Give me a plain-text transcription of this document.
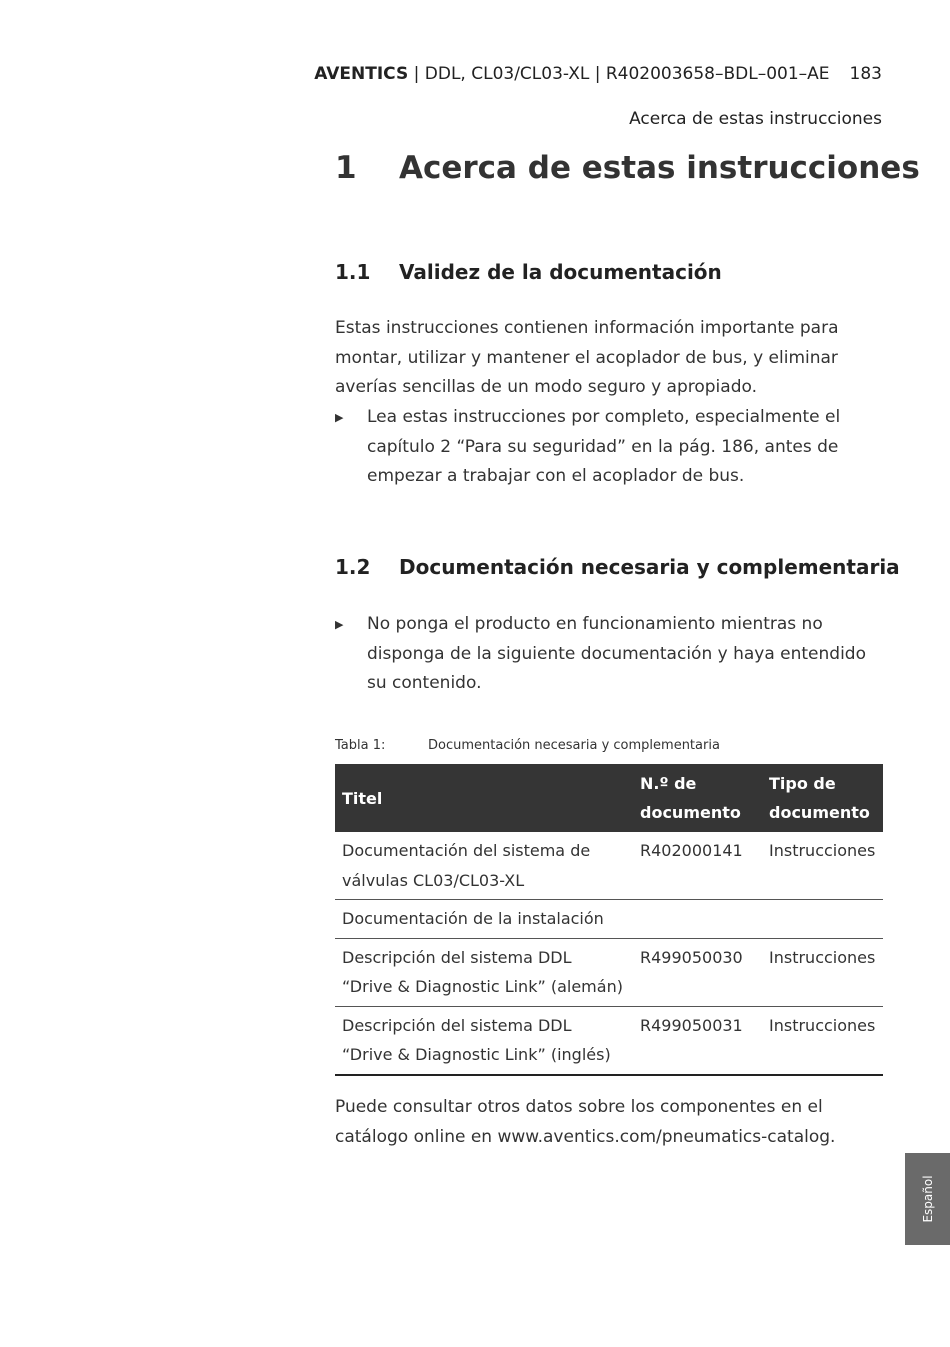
AVENTICS | DDL, CL03/CL03-XL | R402003658–BDL–001–AE 183
Acerca de estas instrucciones
1 Acerca de estas instrucciones
1.1 Validez de la documentación
Estas instrucciones contienen información importante para montar, utilizar y mantener el acoplador de bus, y eliminar averías sencillas de un modo seguro y apropiado.
▶ Lea estas instrucciones por completo, especialmente el capítulo 2 “Para su seguridad” en la pág. 186, antes de empezar a trabajar con el acoplador de bus.
1.2 Documentación necesaria y complementaria
▶ No ponga el producto en funcionamiento mientras no disponga de la siguiente documentación y haya entendido su contenido.
Tabla 1:	Documentación necesaria y complementaria
Titel	N.º de documento	Tipo de documento
Documentación del sistema de válvulas CL03/CL03-XL	R402000141	Instrucciones
Documentación de la instalación		
Descripción del sistema DDL “Drive & Diagnostic Link” (alemán)	R499050030	Instrucciones
Descripción del sistema DDL “Drive & Diagnostic Link” (inglés)	R499050031	Instrucciones
Puede consultar otros datos sobre los componentes en el catálogo online en www.aventics.com/pneumatics-catalog.
Español
